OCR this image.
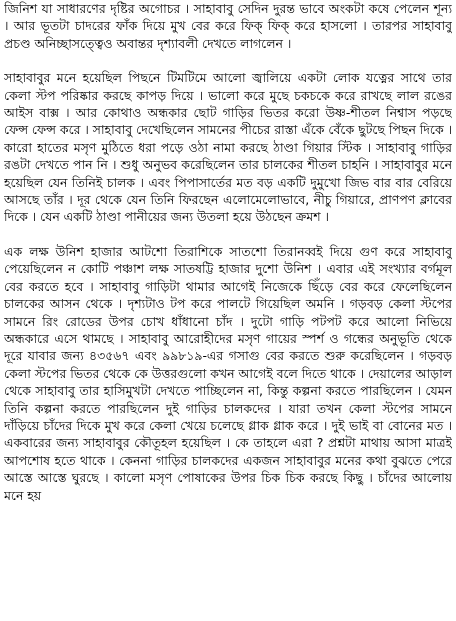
জিনিশ যা সাধারণের দৃষ্টির অগোচর । সাহাবাবু সেদিন দুরন্ত ভাবে অংকটা কষে পেলেন শূন্য । আর ভূতটা চাদরের ফাঁক দিয়ে মুখ বের করে ফিক্ ফিক্ করে হাসলো । তারপর সাহাবাবু প্রচণ্ড অনিচ্ছাসত্ত্বেও অবান্তর দৃশ্যাবলী দেখতে লাগলেন ।

সাহাবাবুর মনে হয়েছিল পিছনে টিমটিমে আলো জ্বালিয়ে একটা লোক যত্নের সাথে তার কেলা স্টপ পরিষ্কার করছে কাপড় দিয়ে । ভালো করে মুছে চকচকে করে রাখছে লাল রঙের আইস বাক্স । আর কোথাও অন্ধকার ছোট গাড়ির ভিতর করো উষ্ণ-শীতল নিশ্বাস পড়ছে ফেন্স ফেন্স করে । সাহাবাবু দেখেছিলেন সামনের পীচের রাস্তা এঁকে বেঁকে ছুটছে পিছন দিকে । কারো হাতের মসৃণ মুঠিতে ধরা পড়ে ওঠা নামা করছে ঠাণ্ডা গিয়ার স্টিক । সাহাবাবু গাড়ির রঙটা দেখতে পান নি । শুধু অনুভব করেছিলেন তার চালকের শীতল চাহনি । সাহাবাবুর মনে হয়েছিল যেন তিনিই চালক । এবং পিপাসার্তের মত বড় একটি দুমুখো জিভ বার বার বেরিয়ে আসছে তাঁর । দূর থেকে যেন তিনি ফিরছেন এলোমেলোভাবে, নীচু গিয়ারে, প্রাণপণ ক্লাবের দিকে । যেন একটি ঠাণ্ডা পানীয়ের জন্য উতলা হয়ে উঠছেন ক্রমশ ।

এক লক্ষ উনিশ হাজার আটশো তিরাশিকে সাতশো তিরানব্বই দিয়ে গুণ করে সাহাবাবু পেয়েছিলেন ন কোটি পঞ্চাশ লক্ষ সাতষট্টি হাজার দুশো উনিশ । এবার এই সংখ্যার বর্গমূল বের করতে হবে । সাহাবাবু গাড়িটা থামার আগেই নিজেকে ছিঁড়ে বের করে ফেলেছিলেন চালকের আসন থেকে । দৃশ্যটাও টপ করে পালটে গিয়েছিল অমনি । গড়বড় কেলা স্টপের সামনে রিং রোডের উপর চোখ ধাঁধানো চাঁদ । দুটো গাড়ি পটপট করে আলো নিভিয়ে অন্ধকারে এসে থামছে । সাহাবাবু আরোহীদের মসৃণ গায়ের স্পর্শ ও গন্ধের অনুভূতি থেকে দূরে যাবার জন্য ৪৩৫৬৭ এবং ৯৯৮১৯-এর গসাগু বের করতে শুরু করেছিলেন । গড়বড় কেলা স্টপের ভিতর থেকে কে উত্তরগুলো কখন আগেই বলে দিতে থাকে । দেয়ালের আড়াল থেকে সাহাবাবু তার হাসিমুখটা দেখতে পাচ্ছিলেন না, কিন্তু কল্পনা করতে পারছিলেন । যেমন তিনি কল্পনা করতে পারছিলেন দুই গাড়ির চালকদের । যারা তখন কেলা স্টপের সামনে দাঁড়িয়ে চাঁদের দিকে মুখ করে কেলা খেয়ে চলেছে গ্লাক গ্লাক করে । দুই ভাই বা বোনের মত । একবারের জন্য সাহাবাবুর কৌতূহল হয়েছিল । কে তাহলে এরা ? প্রশ্নটা মাথায় আসা মাত্রই আপশোষ হতে থাকে । কেননা গাড়ির চালকদের একজন সাহাবাবুর মনের কথা বুঝতে পেরে আস্তে আস্তে ঘুরছে । কালো মসৃণ পোষাকের উপর চিক চিক করছে কিছু । চাঁদের আলোয় মনে হয়
